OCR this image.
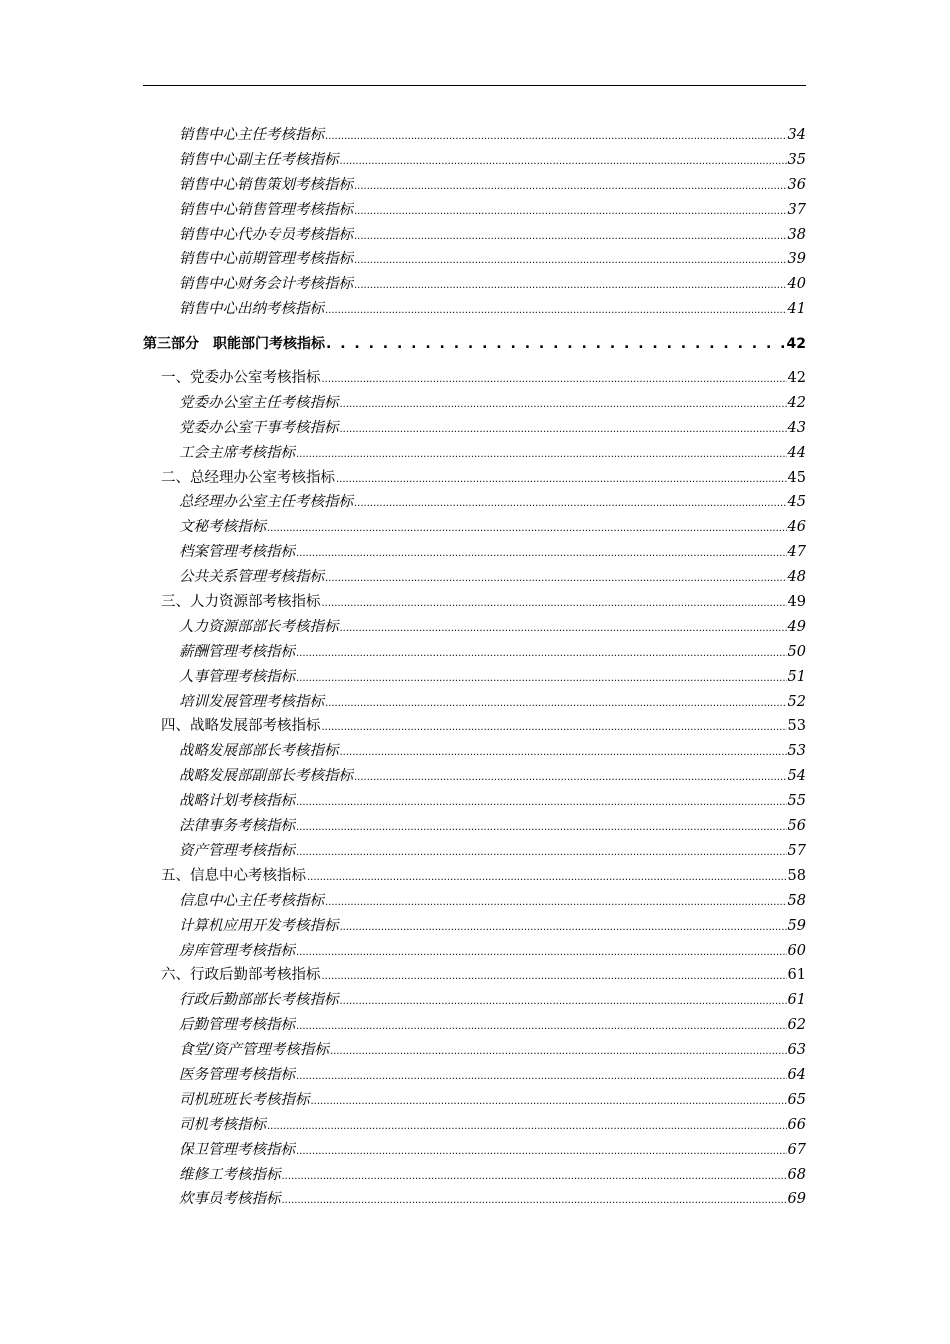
销售中心主任考核指标 .....	34
销售中心副主任考核指标 .....	35
销售中心销售策划考核指标 .....	36
销售中心销售管理考核指标 .....	37
销售中心代办专员考核指标 .....	38
销售中心前期管理考核指标 .....	39
销售中心财务会计考核指标 .....	40
销售中心出纳考核指标 .....	41
第三部分　职能部门考核指标 . . .	42
一、党委办公室考核指标 .....	42
党委办公室主任考核指标 .....	42
党委办公室干事考核指标 .....	43
工会主席考核指标 .....	44
二、总经理办公室考核指标 .....	45
总经理办公室主任考核指标 .....	45
文秘考核指标 .....	46
档案管理考核指标 .....	47
公共关系管理考核指标 .....	48
三、人力资源部考核指标 .....	49
人力资源部部长考核指标 .....	49
薪酬管理考核指标 .....	50
人事管理考核指标 .....	51
培训发展管理考核指标 .....	52
四、战略发展部考核指标 .....	53
战略发展部部长考核指标 .....	53
战略发展部副部长考核指标 .....	54
战略计划考核指标 .....	55
法律事务考核指标 .....	56
资产管理考核指标 .....	57
五、信息中心考核指标 .....	58
信息中心主任考核指标 .....	58
计算机应用开发考核指标 .....	59
房库管理考核指标 .....	60
六、行政后勤部考核指标 .....	61
行政后勤部部长考核指标 .....	61
后勤管理考核指标 .....	62
食堂/资产管理考核指标 .....	63
医务管理考核指标 .....	64
司机班班长考核指标 .....	65
司机考核指标 .....	66
保卫管理考核指标 .....	67
维修工考核指标 .....	68
炊事员考核指标 .....	69
